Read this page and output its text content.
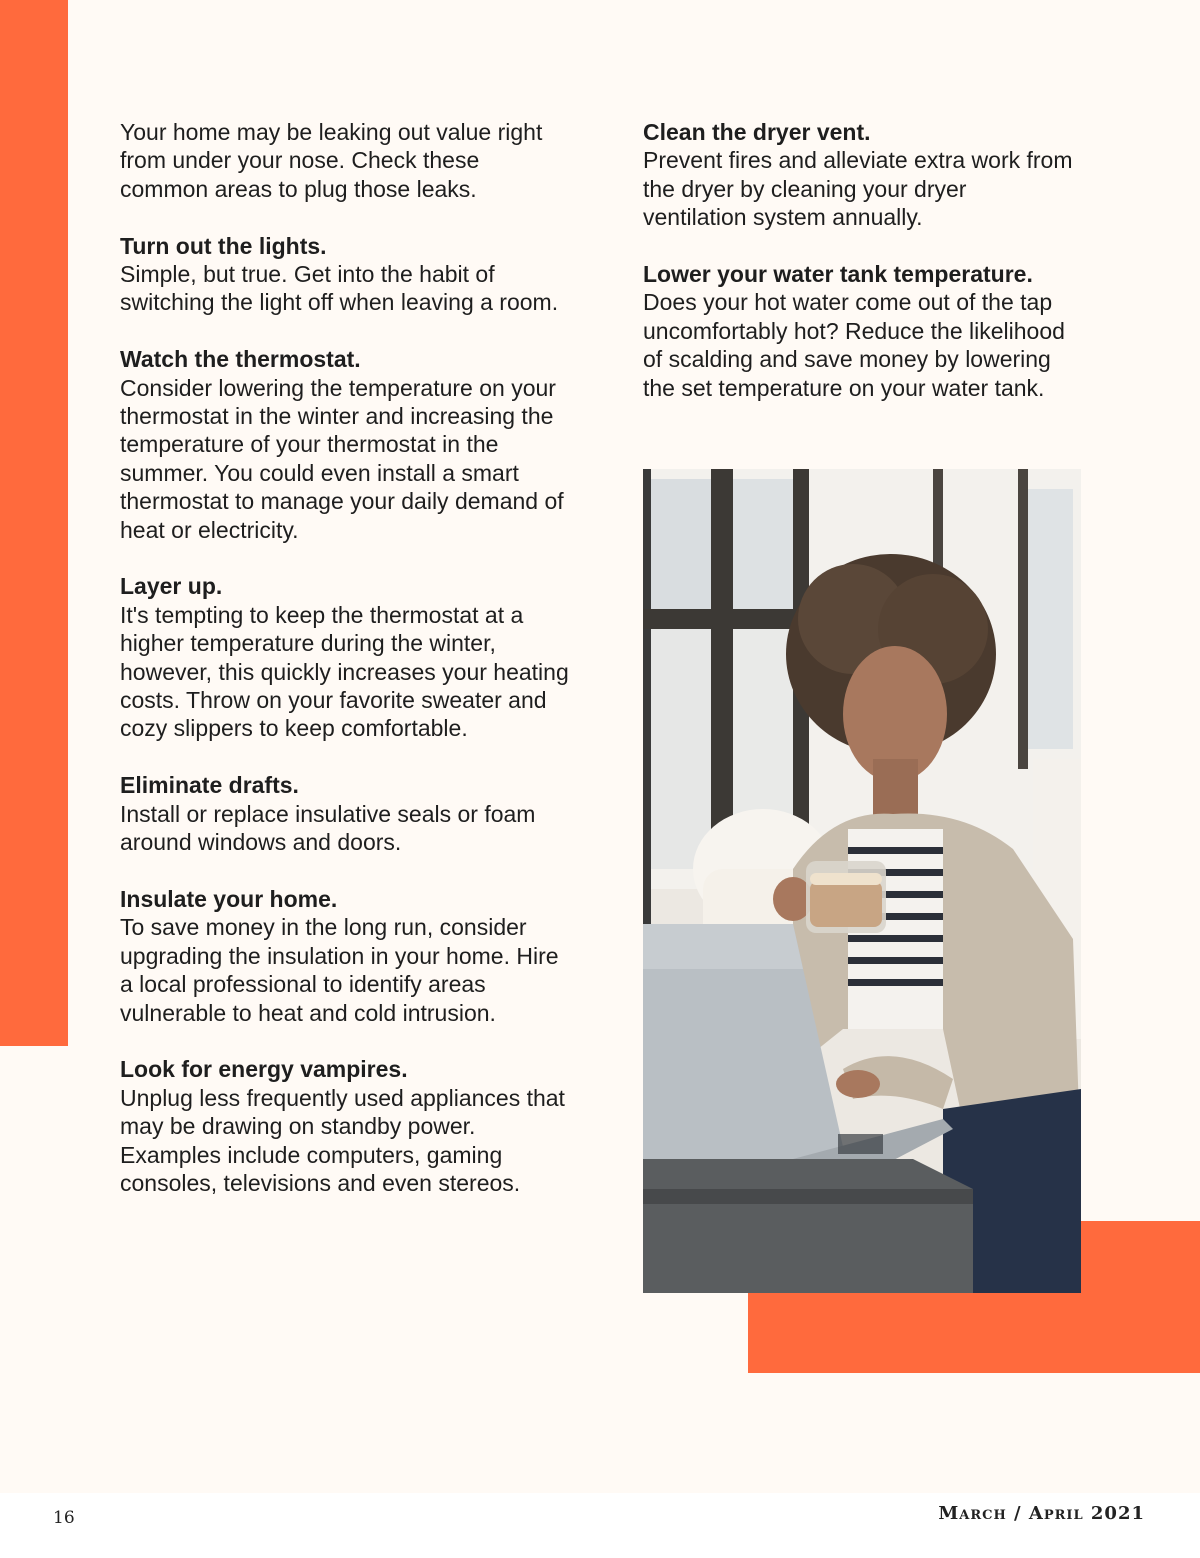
Your home may be leaking out value right from under your nose. Check these common areas to plug those leaks.

Turn out the lights.
Simple, but true. Get into the habit of switching the light off when leaving a room.

Watch the thermostat.
Consider lowering the temperature on your thermostat in the winter and increasing the temperature of your thermostat in the summer. You could even install a smart thermostat to manage your daily demand of heat or electricity.

Layer up.
It's tempting to keep the thermostat at a higher temperature during the winter, however, this quickly increases your heating costs. Throw on your favorite sweater and cozy slippers to keep comfortable.

Eliminate drafts.
Install or replace insulative seals or foam around windows and doors.

Insulate your home.
To save money in the long run, consider upgrading the insulation in your home. Hire a local professional to identify areas vulnerable to heat and cold intrusion.

Look for energy vampires.
Unplug less frequently used appliances that may be drawing on standby power. Examples include computers, gaming consoles, televisions and even stereos.

Clean the dryer vent.
Prevent fires and alleviate extra work from the dryer by cleaning your dryer ventilation system annually.

Lower your water tank temperature.
Does your hot water come out of the tap uncomfortably hot? Reduce the likelihood of scalding and save money by lowering the set temperature on your water tank.

16	March / April 2021
